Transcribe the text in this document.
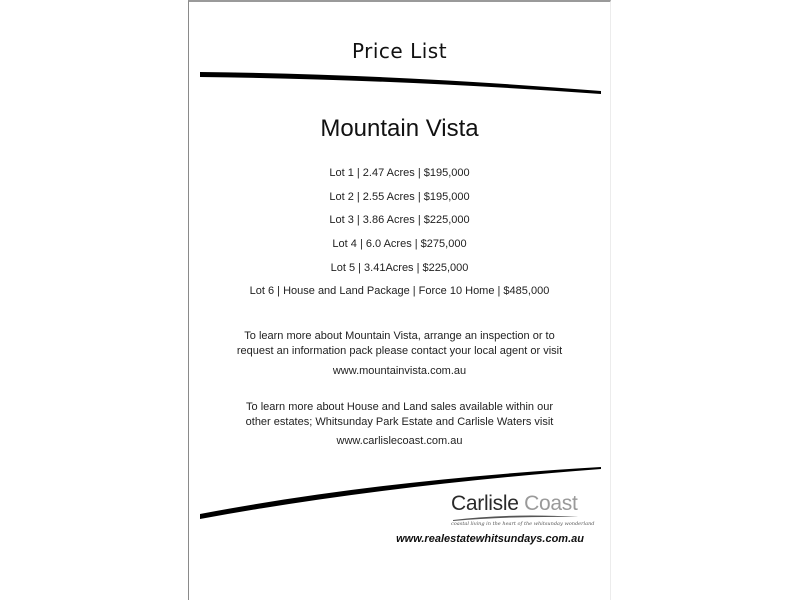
Price List
Mountain Vista
Lot 1 | 2.47 Acres | $195,000
Lot 2 | 2.55 Acres | $195,000
Lot 3 | 3.86 Acres | $225,000
Lot 4 | 6.0 Acres | $275,000
Lot 5 | 3.41Acres | $225,000
Lot 6 | House and Land Package | Force 10 Home | $485,000
To learn more about Mountain Vista, arrange an inspection or to
request an information pack please contact your local agent or visit
www.mountainvista.com.au
To learn more about House and Land sales available within our
other estates; Whitsunday Park Estate and Carlisle Waters visit
www.carlislecoast.com.au
Carlisle Coast
coastal living in the heart of the whitsunday wonderland
www.realestatewhitsundays.com.au
